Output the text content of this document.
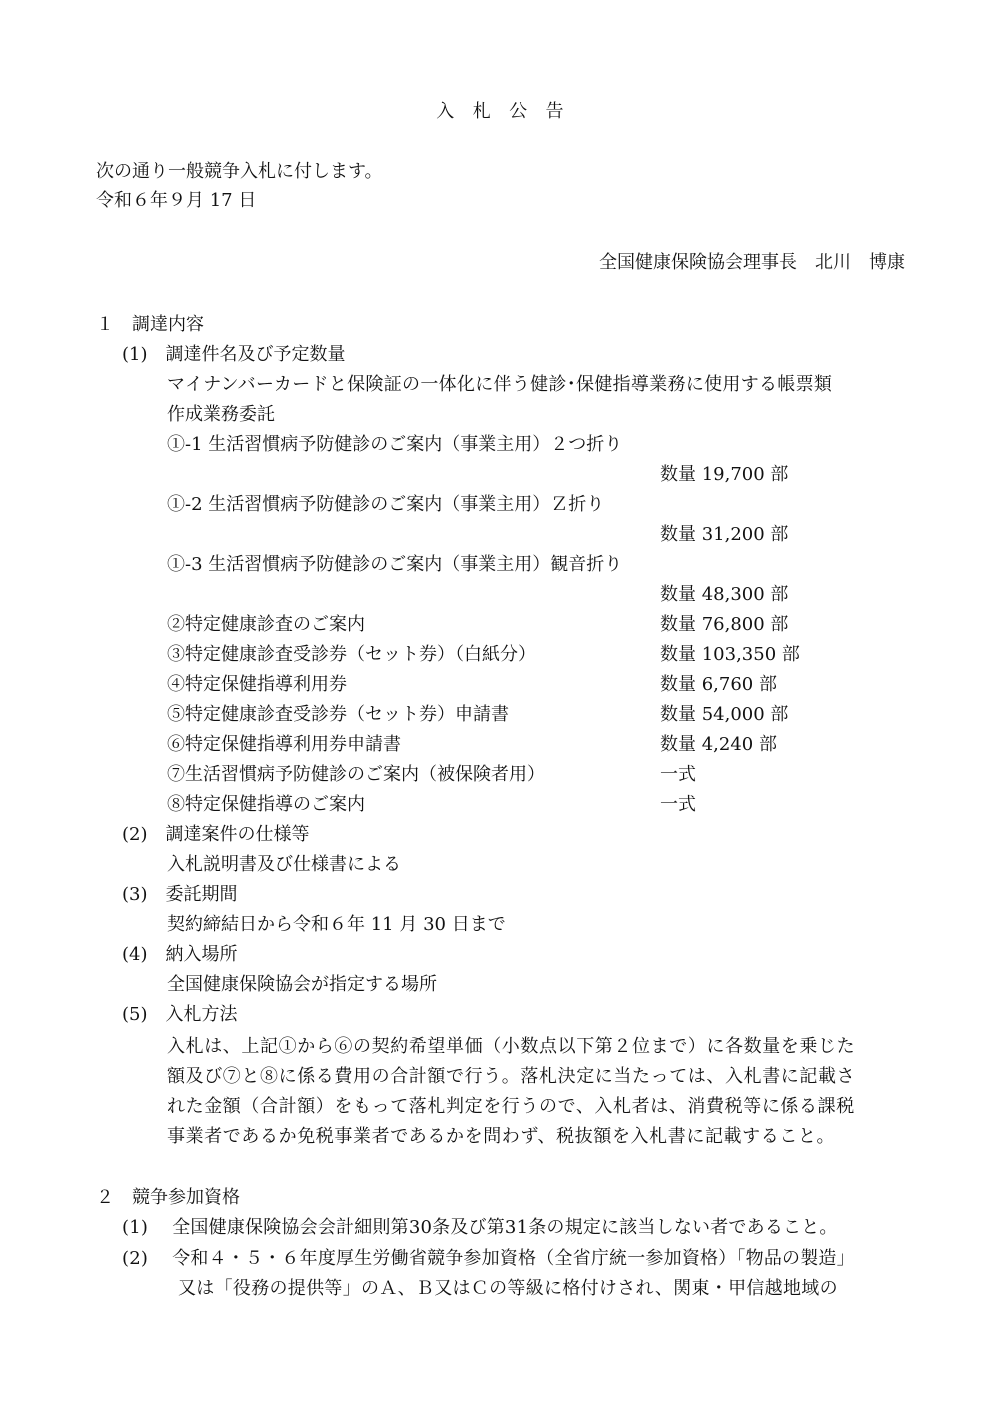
入　札　公　告
次の通り一般競争入札に付します。
令和６年９月 17 日
全国健康保険協会理事長　北川　博康
１　調達内容
(1)　調達件名及び予定数量
マイナンバーカードと保険証の一体化に伴う健診･保健指導業務に使用する帳票類
作成業務委託
①-1 生活習慣病予防健診のご案内（事業主用）２つ折り
数量 19,700 部
①-2 生活習慣病予防健診のご案内（事業主用）Ｚ折り
数量 31,200 部
①-3 生活習慣病予防健診のご案内（事業主用）観音折り
数量 48,300 部
②特定健康診査のご案内	数量 76,800 部
③特定健康診査受診券（セット券）（白紙分）	数量 103,350 部
④特定保健指導利用券	数量 6,760 部
⑤特定健康診査受診券（セット券）申請書	数量 54,000 部
⑥特定保健指導利用券申請書	数量 4,240 部
⑦生活習慣病予防健診のご案内（被保険者用）	一式
⑧特定保健指導のご案内	一式
(2)　調達案件の仕様等
入札説明書及び仕様書による
(3)　委託期間
契約締結日から令和６年 11 月 30 日まで
(4)　納入場所
全国健康保険協会が指定する場所
(5)　入札方法
入札は、上記①から⑥の契約希望単価（小数点以下第２位まで）に各数量を乗じた
額及び⑦と⑧に係る費用の合計額で行う。落札決定に当たっては、入札書に記載さ
れた金額（合計額）をもって落札判定を行うので、入札者は、消費税等に係る課税
事業者であるか免税事業者であるかを問わず、税抜額を入札書に記載すること。
２　競争参加資格
(1)　 全国健康保険協会会計細則第30条及び第31条の規定に該当しない者であること。
(2)　 令和４・５・６年度厚生労働省競争参加資格（全省庁統一参加資格）「物品の製造」
又は「役務の提供等」のＡ、Ｂ又はＣの等級に格付けされ、関東・甲信越地域の
